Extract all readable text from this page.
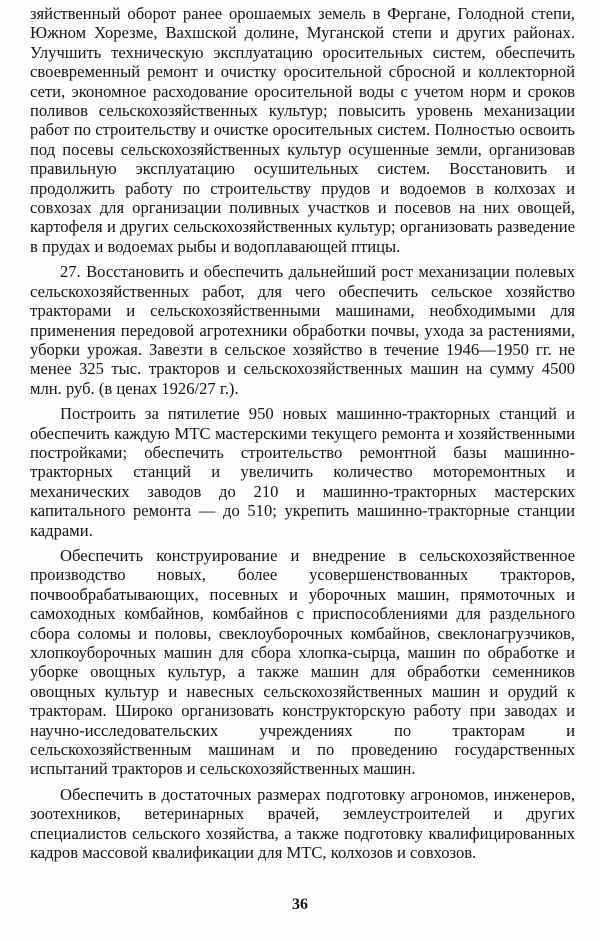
зяйственный оборот ранее орошаемых земель в Фергане, Голодной степи, Южном Хорезме, Вахшской долине, Муганской степи и других районах. Улучшить техническую эксплуатацию оросительных систем, обеспечить своевременный ремонт и очистку оросительной сбросной и коллекторной сети, экономное расходование оросительной воды с учетом норм и сроков поливов сельскохозяйственных культур; повысить уровень механизации работ по строительству и очистке оросительных систем. Полностью освоить под посевы сельскохозяйственных культур осушенные земли, организовав правильную эксплуатацию осушительных систем. Восстановить и продолжить работу по строительству прудов и водоемов в колхозах и совхозах для организации поливных участков и посевов на них овощей, картофеля и других сельскохозяйственных культур; организовать разведение в прудах и водоемах рыбы и водоплавающей птицы.

27. Восстановить и обеспечить дальнейший рост механизации полевых сельскохозяйственных работ, для чего обеспечить сельское хозяйство тракторами и сельскохозяйственными машинами, необходимыми для применения передовой агротехники обработки почвы, ухода за растениями, уборки урожая. Завезти в сельское хозяйство в течение 1946—1950 гг. не менее 325 тыс. тракторов и сельскохозяйственных машин на сумму 4500 млн. руб. (в ценах 1926/27 г.).

Построить за пятилетие 950 новых машинно-тракторных станций и обеспечить каждую МТС мастерскими текущего ремонта и хозяйственными постройками; обеспечить строительство ремонтной базы машинно-тракторных станций и увеличить количество моторемонтных и механических заводов до 210 и машинно-тракторных мастерских капитального ремонта — до 510; укрепить машинно-тракторные станции кадрами.

Обеспечить конструирование и внедрение в сельскохозяйственное производство новых, более усовершенствованных тракторов, почвообрабатывающих, посевных и уборочных машин, прямоточных и самоходных комбайнов, комбайнов с приспособлениями для раздельного сбора соломы и половы, свеклоуборочных комбайнов, свеклонагрузчиков, хлопкоуборочных машин для сбора хлопка-сырца, машин по обработке и уборке овощных культур, а также машин для обработки семенников овощных культур и навесных сельскохозяйственных машин и орудий к тракторам. Широко организовать конструкторскую работу при заводах и научно-исследовательских учреждениях по тракторам и сельскохозяйственным машинам и по проведению государственных испытаний тракторов и сельскохозяйственных машин.

Обеспечить в достаточных размерах подготовку агрономов, инженеров, зоотехников, ветеринарных врачей, землеустроителей и других специалистов сельского хозяйства, а также подготовку квалифицированных кадров массовой квалификации для МТС, колхозов и совхозов.

36
